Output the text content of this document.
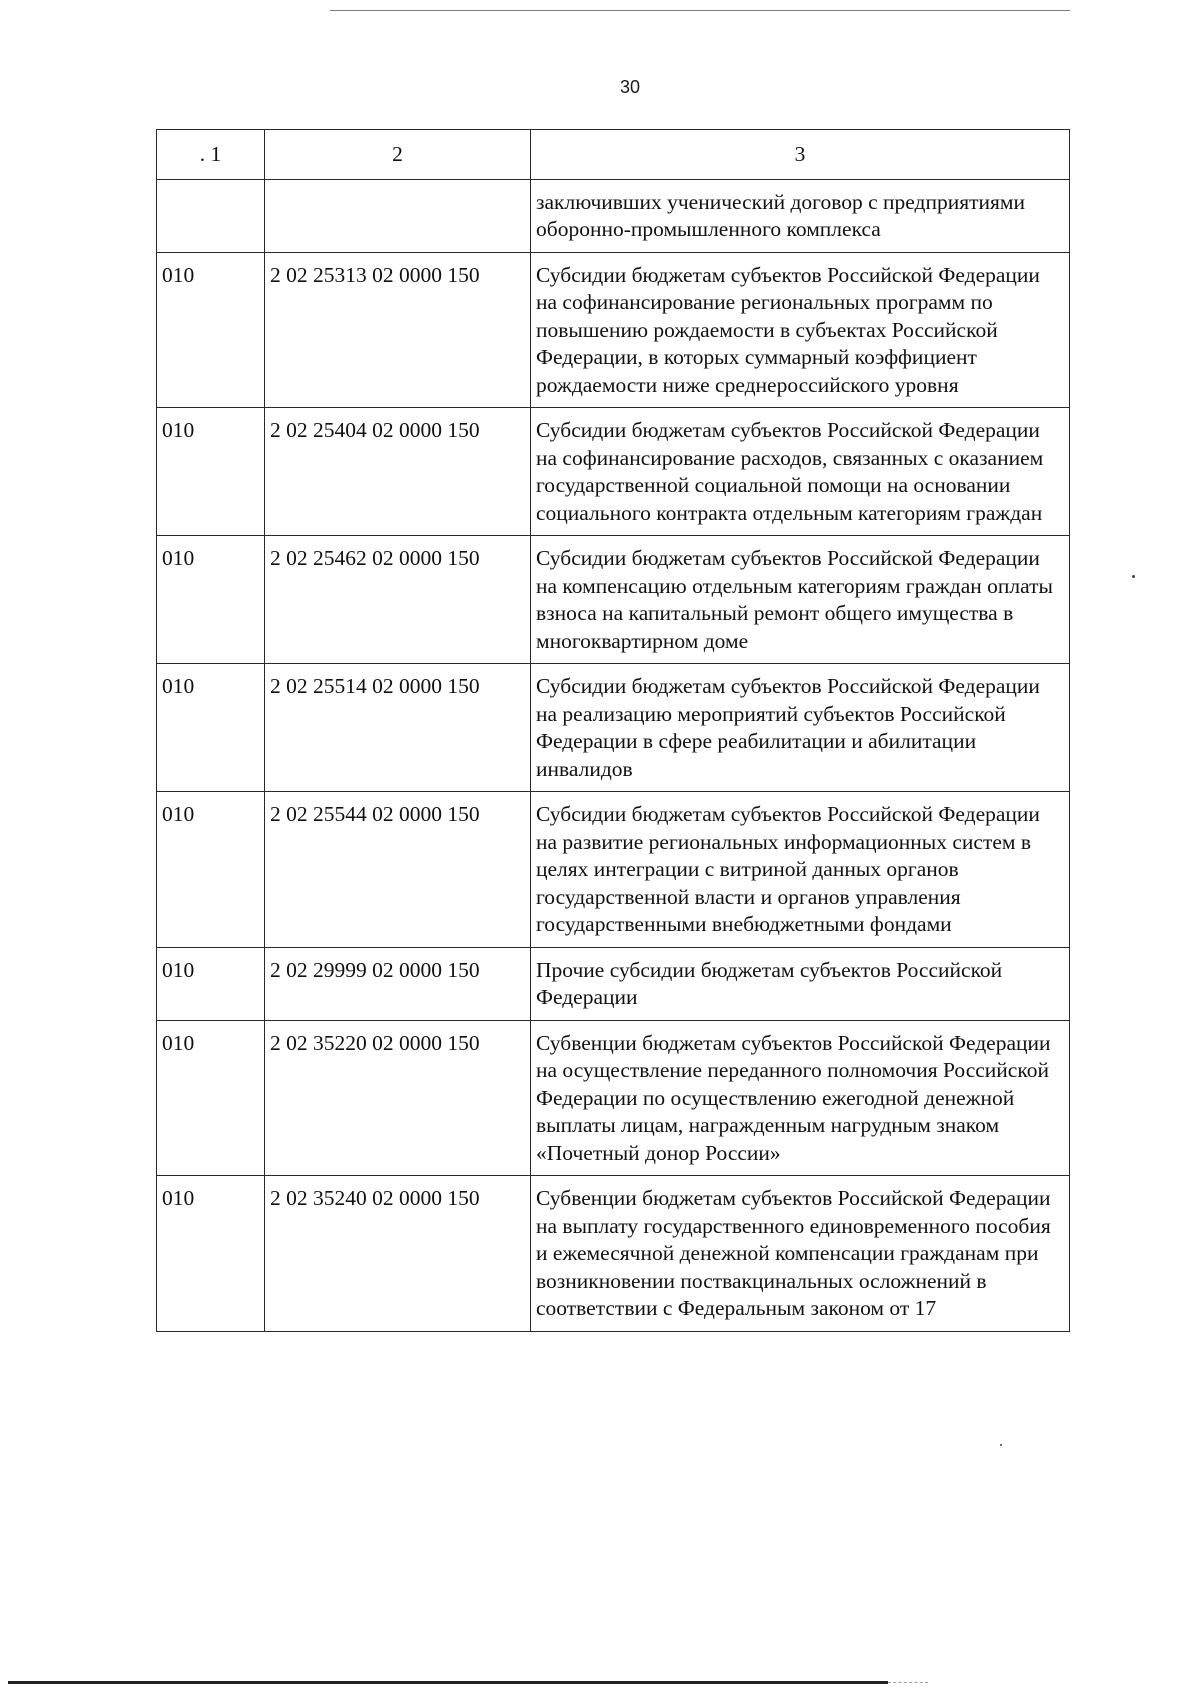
30
. 1	2	3
		заключивших ученический договор с предприятиями оборонно-промышленного комплекса
010	2 02 25313 02 0000 150	Субсидии бюджетам субъектов Российской Федерации на софинансирование региональных программ по повышению рождаемости в субъектах Российской Федерации, в которых суммарный коэффициент рождаемости ниже среднероссийского уровня
010	2 02 25404 02 0000 150	Субсидии бюджетам субъектов Российской Федерации на софинансирование расходов, связанных с оказанием государственной социальной помощи на основании социального контракта отдельным категориям граждан
010	2 02 25462 02 0000 150	Субсидии бюджетам субъектов Российской Федерации на компенсацию отдельным категориям граждан оплаты взноса на капитальный ремонт общего имущества в многоквартирном доме
010	2 02 25514 02 0000 150	Субсидии бюджетам субъектов Российской Федерации на реализацию мероприятий субъектов Российской Федерации в сфере реабилитации и абилитации инвалидов
010	2 02 25544 02 0000 150	Субсидии бюджетам субъектов Российской Федерации на развитие региональных информационных систем в целях интеграции с витриной данных органов государственной власти и органов управления государственными внебюджетными фондами
010	2 02 29999 02 0000 150	Прочие субсидии бюджетам субъектов Российской Федерации
010	2 02 35220 02 0000 150	Субвенции бюджетам субъектов Российской Федерации на осуществление переданного полномочия Российской Федерации по осуществлению ежегодной денежной выплаты лицам, награжденным нагрудным знаком «Почетный донор России»
010	2 02 35240 02 0000 150	Субвенции бюджетам субъектов Российской Федерации на выплату государственного единовременного пособия и ежемесячной денежной компенсации гражданам при возникновении поствакцинальных осложнений в соответствии с Федеральным законом от 17
